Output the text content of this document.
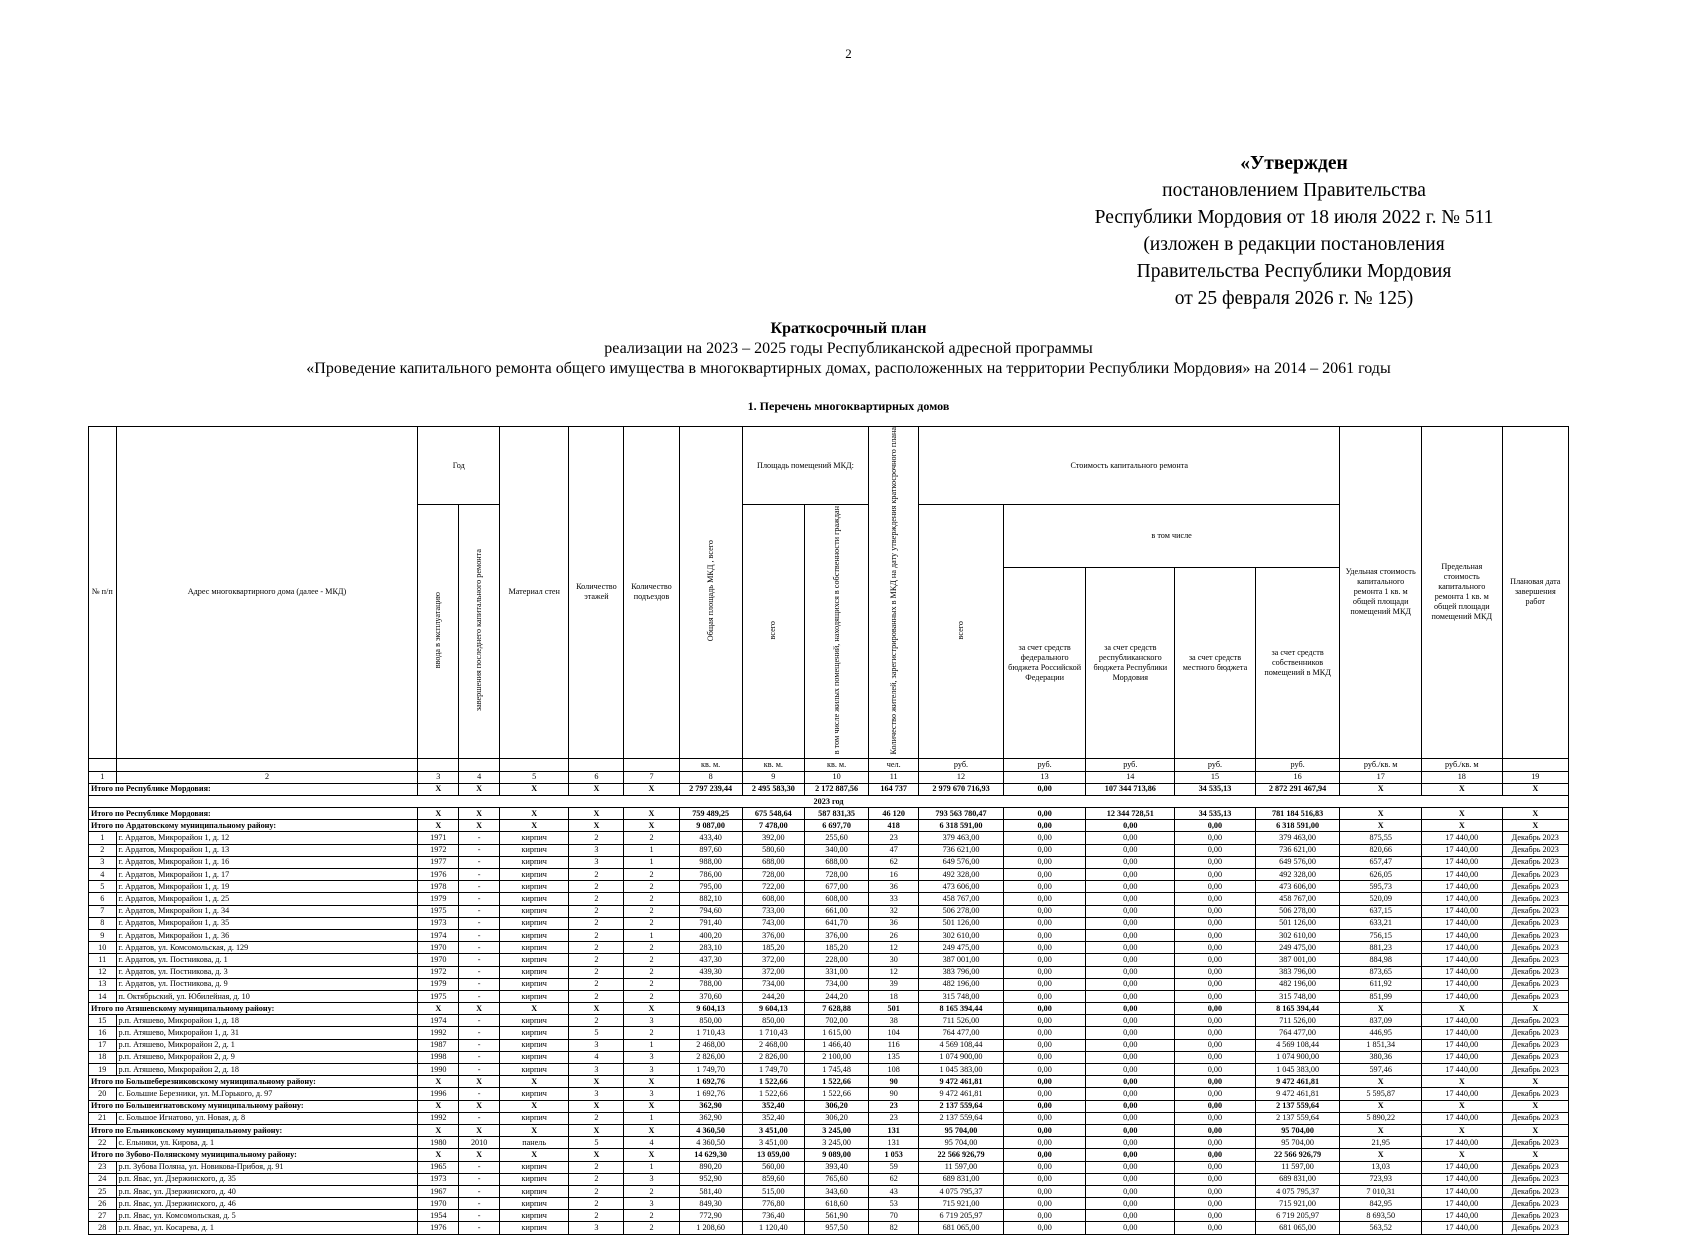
2
«Утвержден
постановлением Правительства
Республики Мордовия от 18 июля 2022 г. № 511
(изложен в редакции постановления
Правительства Республики Мордовия
от 25 февраля 2026 г. № 125)
Краткосрочный план
реализации на 2023 – 2025 годы Республиканской адресной программы
«Проведение капитального ремонта общего имущества в многоквартирных домах, расположенных на территории Республики Мордовия» на 2014 – 2061 годы
1. Перечень многоквартирных домов
№ п/п	Адрес многоквартирного дома (далее - МКД)	Год		Материал стен	Количество этажей	Количество подъездов	Общая площадь МКД , всего	Площадь помещений МКД:		Количество жителей, зарегистрированных в МКД на дату утверждения краткосрочного плана	Стоимость капитального ремонта					Удельная стоимость капитального ремонта 1 кв. м общей площади помещений МКД	Предельная стоимость капитального ремонта 1 кв. м общей площади помещений МКД	Плановая дата завершения работ
		ввода в эксплуатацию	завершения последнего капитального ремонта					всего	в том числе жилых помещений, находящихся в собственности граждан		всего	в том числе						
												за счет средств федерального бюджета Российской Федерации	за счет средств республиканского бюджета Республики Мордовия	за счет средств местного бюджета	за счет средств собственников помещений в МКД			
							кв. м.	кв. м.	кв. м.	чел.	руб.	руб.	руб.	руб.	руб.	руб./кв. м	руб./кв. м	
1	2	3	4	5	6	7	8	9	10	11	12	13	14	15	16	17	18	19
Итого по Республике Мордовия:		X	X	X	X	X	2 797 239,44	2 495 583,30	2 172 887,56	164 737	2 979 670 716,93	0,00	107 344 713,86	34 535,13	2 872 291 467,94	X	X	X
2023 год																		
Итого по Республике Мордовия:		X	X	X	X	X	759 489,25	675 548,64	587 831,35	46 120	793 563 780,47	0,00	12 344 728,51	34 535,13	781 184 516,83	X	X	X
Итого по Ардатовскому муниципальному району:		X	X	X	X	X	9 087,00	7 478,00	6 697,70	418	6 318 591,00	0,00	0,00	0,00	6 318 591,00	X	X	X
1	г. Ардатов, Микрорайон 1, д. 12	1971	-	кирпич	2	2	433,40	392,00	255,60	23	379 463,00	0,00	0,00	0,00	379 463,00	875,55	17 440,00	Декабрь 2023
2	г. Ардатов, Микрорайон 1, д. 13	1972	-	кирпич	3	1	897,60	580,60	340,00	47	736 621,00	0,00	0,00	0,00	736 621,00	820,66	17 440,00	Декабрь 2023
3	г. Ардатов, Микрорайон 1, д. 16	1977	-	кирпич	3	1	988,00	688,00	688,00	62	649 576,00	0,00	0,00	0,00	649 576,00	657,47	17 440,00	Декабрь 2023
4	г. Ардатов, Микрорайон 1, д. 17	1976	-	кирпич	2	2	786,00	728,00	728,00	16	492 328,00	0,00	0,00	0,00	492 328,00	626,05	17 440,00	Декабрь 2023
5	г. Ардатов, Микрорайон 1, д. 19	1978	-	кирпич	2	2	795,00	722,00	677,00	36	473 606,00	0,00	0,00	0,00	473 606,00	595,73	17 440,00	Декабрь 2023
6	г. Ардатов, Микрорайон 1, д. 25	1979	-	кирпич	2	2	882,10	608,00	608,00	33	458 767,00	0,00	0,00	0,00	458 767,00	520,09	17 440,00	Декабрь 2023
7	г. Ардатов, Микрорайон 1, д. 34	1975	-	кирпич	2	2	794,60	733,00	661,00	32	506 278,00	0,00	0,00	0,00	506 278,00	637,15	17 440,00	Декабрь 2023
8	г. Ардатов, Микрорайон 1, д. 35	1973	-	кирпич	2	2	791,40	743,00	641,70	36	501 126,00	0,00	0,00	0,00	501 126,00	633,21	17 440,00	Декабрь 2023
9	г. Ардатов, Микрорайон 1, д. 36	1974	-	кирпич	2	1	400,20	376,00	376,00	26	302 610,00	0,00	0,00	0,00	302 610,00	756,15	17 440,00	Декабрь 2023
10	г. Ардатов, ул. Комсомольская, д. 129	1970	-	кирпич	2	2	283,10	185,20	185,20	12	249 475,00	0,00	0,00	0,00	249 475,00	881,23	17 440,00	Декабрь 2023
11	г. Ардатов, ул. Постникова, д. 1	1970	-	кирпич	2	2	437,30	372,00	228,00	30	387 001,00	0,00	0,00	0,00	387 001,00	884,98	17 440,00	Декабрь 2023
12	г. Ардатов, ул. Постникова, д. 3	1972	-	кирпич	2	2	439,30	372,00	331,00	12	383 796,00	0,00	0,00	0,00	383 796,00	873,65	17 440,00	Декабрь 2023
13	г. Ардатов, ул. Постникова, д. 9	1979	-	кирпич	2	2	788,00	734,00	734,00	39	482 196,00	0,00	0,00	0,00	482 196,00	611,92	17 440,00	Декабрь 2023
14	п. Октябрьский, ул. Юбилейная, д. 10	1975	-	кирпич	2	2	370,60	244,20	244,20	18	315 748,00	0,00	0,00	0,00	315 748,00	851,99	17 440,00	Декабрь 2023
Итого по Атяшевскому муниципальному району:		X	X	X	X	X	9 604,13	9 604,13	7 628,88	501	8 165 394,44	0,00	0,00	0,00	8 165 394,44	X	X	X
15	р.п. Атяшево, Микрорайон 1, д. 18	1974	-	кирпич	2	3	850,00	850,00	702,00	38	711 526,00	0,00	0,00	0,00	711 526,00	837,09	17 440,00	Декабрь 2023
16	р.п. Атяшево, Микрорайон 1, д. 31	1992	-	кирпич	5	2	1 710,43	1 710,43	1 615,00	104	764 477,00	0,00	0,00	0,00	764 477,00	446,95	17 440,00	Декабрь 2023
17	р.п. Атяшево, Микрорайон 2, д. 1	1987	-	кирпич	3	1	2 468,00	2 468,00	1 466,40	116	4 569 108,44	0,00	0,00	0,00	4 569 108,44	1 851,34	17 440,00	Декабрь 2023
18	р.п. Атяшево, Микрорайон 2, д. 9	1998	-	кирпич	4	3	2 826,00	2 826,00	2 100,00	135	1 074 900,00	0,00	0,00	0,00	1 074 900,00	380,36	17 440,00	Декабрь 2023
19	р.п. Атяшево, Микрорайон 2, д. 18	1990	-	кирпич	3	3	1 749,70	1 749,70	1 745,48	108	1 045 383,00	0,00	0,00	0,00	1 045 383,00	597,46	17 440,00	Декабрь 2023
Итого по Большеберезниковскому муниципальному району:		X	X	X	X	X	1 692,76	1 522,66	1 522,66	90	9 472 461,81	0,00	0,00	0,00	9 472 461,81	X	X	X
20	с. Большие Березники, ул. М.Горького, д. 97	1996	-	кирпич	3	3	1 692,76	1 522,66	1 522,66	90	9 472 461,81	0,00	0,00	0,00	9 472 461,81	5 595,87	17 440,00	Декабрь 2023
Итого по Большеигнатовскому муниципальному району:		X	X	X	X	X	362,90	352,40	306,20	23	2 137 559,64	0,00	0,00	0,00	2 137 559,64	X	X	X
21	с. Большое Игнатово, ул. Новая, д. 8	1992	-	кирпич	2	1	362,90	352,40	306,20	23	2 137 559,64	0,00	0,00	0,00	2 137 559,64	5 890,22	17 440,00	Декабрь 2023
Итого по Ельниковскому муниципальному району:		X	X	X	X	X	4 360,50	3 451,00	3 245,00	131	95 704,00	0,00	0,00	0,00	95 704,00	X	X	X
22	с. Ельники, ул. Кирова, д. 1	1980	2010	панель	5	4	4 360,50	3 451,00	3 245,00	131	95 704,00	0,00	0,00	0,00	95 704,00	21,95	17 440,00	Декабрь 2023
Итого по Зубово-Полянскому муниципальному району:		X	X	X	X	X	14 629,30	13 059,00	9 089,00	1 053	22 566 926,79	0,00	0,00	0,00	22 566 926,79	X	X	X
23	р.п. Зубова Поляна, ул. Новикова-Прибоя, д. 91	1965	-	кирпич	2	1	890,20	560,00	393,40	59	11 597,00	0,00	0,00	0,00	11 597,00	13,03	17 440,00	Декабрь 2023
24	р.п. Явас, ул. Дзержинского, д. 35	1973	-	кирпич	2	3	952,90	859,60	765,60	62	689 831,00	0,00	0,00	0,00	689 831,00	723,93	17 440,00	Декабрь 2023
25	р.п. Явас, ул. Дзержинского, д. 40	1967	-	кирпич	2	2	581,40	515,00	343,60	43	4 075 795,37	0,00	0,00	0,00	4 075 795,37	7 010,31	17 440,00	Декабрь 2023
26	р.п. Явас, ул. Дзержинского, д. 46	1970	-	кирпич	2	3	849,30	776,80	618,60	53	715 921,00	0,00	0,00	0,00	715 921,00	842,95	17 440,00	Декабрь 2023
27	р.п. Явас, ул. Комсомольская, д. 5	1954	-	кирпич	2	2	772,90	736,40	561,90	70	6 719 205,97	0,00	0,00	0,00	6 719 205,97	8 693,50	17 440,00	Декабрь 2023
28	р.п. Явас, ул. Косарева, д. 1	1976	-	кирпич	3	2	1 208,60	1 120,40	957,50	82	681 065,00	0,00	0,00	0,00	681 065,00	563,52	17 440,00	Декабрь 2023
